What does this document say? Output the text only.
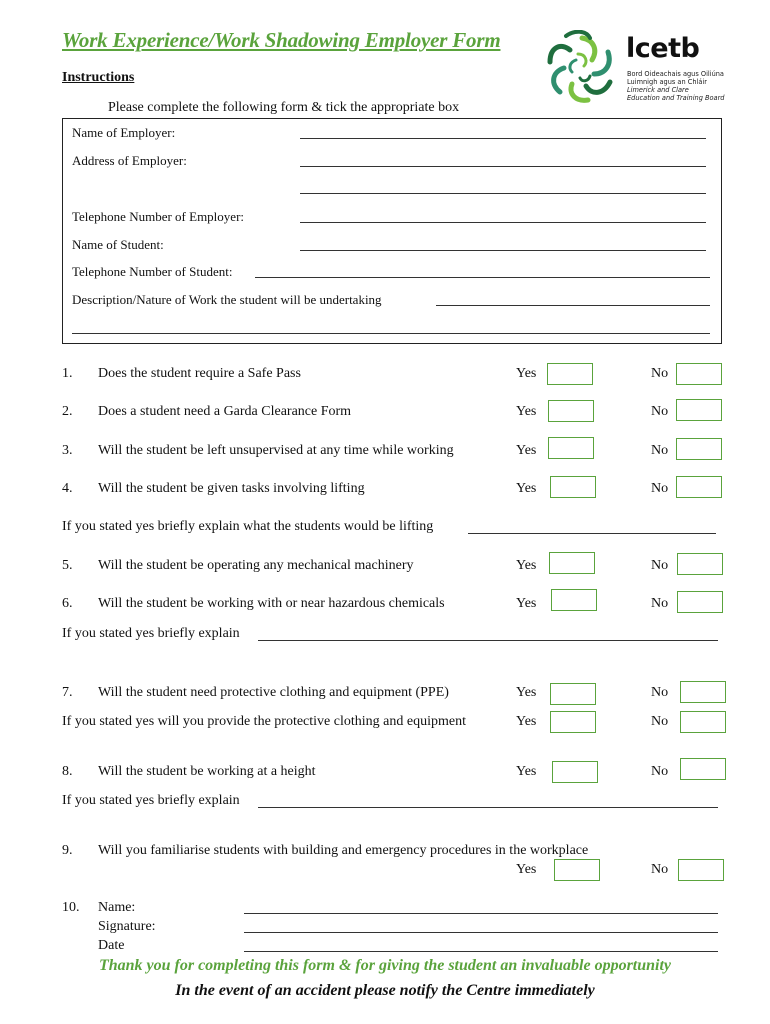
Work Experience/Work Shadowing Employer Form
Instructions
Please complete the following form & tick the appropriate box
lcetb
Bord Oideachais agus Oiliúna
Luimnigh agus an Chláir
Limerick and Clare
Education and Training Board
Name of Employer:
Address of Employer:
Telephone Number of Employer:
Name of Student:
Telephone Number of Student:
Description/Nature of Work the student will be undertaking
1. Does the student require a Safe Pass	Yes	No
2. Does a student need a Garda Clearance Form	Yes	No
3. Will the student be left unsupervised at any time while working	Yes	No
4. Will the student be given tasks involving lifting	Yes	No
If you stated yes briefly explain what the students would be lifting
5. Will the student be operating any mechanical machinery	Yes	No
6. Will the student be working with or near hazardous chemicals	Yes	No
If you stated yes briefly explain
7. Will the student need protective clothing and equipment (PPE)	Yes	No
If you stated yes will you provide the protective clothing and equipment	Yes	No
8. Will the student be working at a height	Yes	No
If you stated yes briefly explain
9. Will you familiarise students with building and emergency procedures in the workplace
Yes	No
10. Name:
Signature:
Date
Thank you for completing this form & for giving the student an invaluable opportunity
In the event of an accident please notify the Centre immediately
